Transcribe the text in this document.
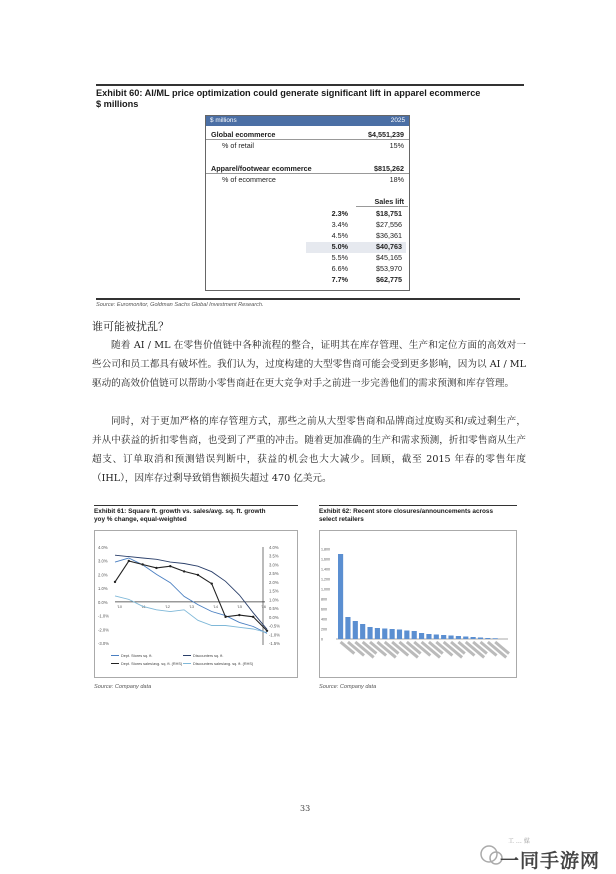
Exhibit 60: AI/ML price optimization could generate significant lift in apparel ecommerce
$ millions
$ millions	2025
Global ecommerce	$4,551,239
% of retail	15%
Apparel/footwear ecommerce	$815,262
% of ecommerce	18%
Sales lift
2.3%	$18,751
3.4%	$27,556
4.5%	$36,361
5.0%	$40,763
5.5%	$45,165
6.6%	$53,970
7.7%	$62,775
Source: Euromonitor, Goldman Sachs Global Investment Research.
谁可能被扰乱？
随着 AI / ML 在零售价值链中各种流程的整合，证明其在库存管理、生产和定位方面的高效对一些公司和员工都具有破坏性。我们认为，过度构建的大型零售商可能会受到更多影响，因为以 AI / ML 驱动的高效价值链可以帮助小零售商赶在更大竞争对手之前进一步完善他们的需求预测和库存管理。
同时，对于更加严格的库存管理方式，那些之前从大型零售商和品牌商过度购买和/或过剩生产，并从中获益的折扣零售商，也受到了严重的冲击。随着更加准确的生产和需求预测，折扣零售商从生产超支、订单取消和预测错误判断中，获益的机会也大大减少。回顾，截至 2015 年春的零售年度（IHL），因库存过剩导致销售额损失超过 470 亿美元。
Exhibit 61: Square ft. growth vs. sales/avg. sq. ft. growth
yoy % change, equal-weighted
4.0%
3.0%
2.0%
1.0%
0.0%
-1.0%
-2.0%
-3.0%
4.0%
3.5%
3.0%
2.5%
2.0%
1.5%
1.0%
0.5%
0.0%
-0.5%
-1.0%
-1.5%
'10	'11	'12	'13	'14	'15	'16
Dept. Stores sq. ft.	Discounters sq. ft.
Dept. Stores sales/avg. sq. ft. (RHS)	Discounters sales/avg. sq. ft. (RHS)
Source: Company data
Exhibit 62: Recent store closures/announcements across
select retailers
1,800
1,600
1,400
1,200
1,000
800
600
400
200
0
Source: Company data
33
工 … 媒
一同手游网
